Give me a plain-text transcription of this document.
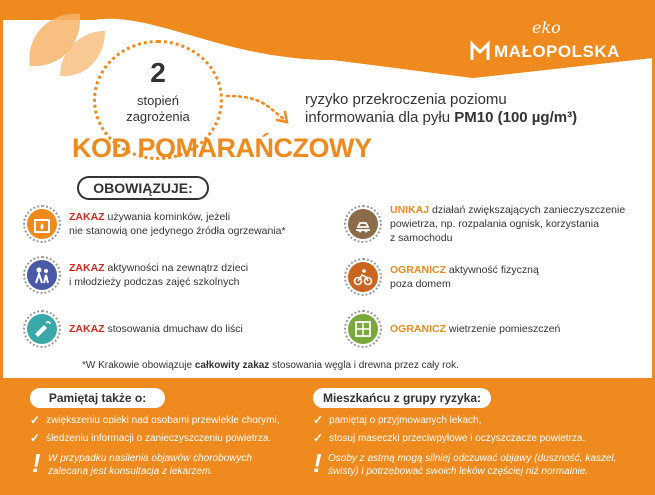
eko
MAŁOPOLSKA
2
stopień
zagrożenia
ryzyko przekroczenia poziomu
informowania dla pyłu PM10 (100 µg/m³)
KOD POMARAŃCZOWY
OBOWIĄZUJE:
ZAKAZ używania kominków, jeżeli
nie stanowią one jedynego źródła ogrzewania*
ZAKAZ aktywności na zewnątrz dzieci
i młodzieży podczas zajęć szkolnych
ZAKAZ stosowania dmuchaw do liści
UNIKAJ działań zwiększających zanieczyszczenie
powietrza, np. rozpalania ognisk, korzystania
z samochodu
OGRANICZ aktywność fizyczną
poza domem
OGRANICZ wietrzenie pomieszczeń
*W Krakowie obowiązuje całkowity zakaz stosowania węgla i drewna przez cały rok.
Pamiętaj także o:
✓ zwiększeniu opieki nad osobami przewlekle chorymi,
✓ śledzeniu informacji o zanieczyszczeniu powietrza.
! W przypadku nasilenia objawów chorobowych
zalecana jest konsultacja z lekarzem.
Mieszkańcu z grupy ryzyka:
✓ pamiętaj o przyjmowanych lekach,
✓ stosuj maseczki przeciwpyłowe i oczyszczacze powietrza.
! Osoby z astmą mogą silniej odczuwać objawy (duszność, kaszel,
świsty) i potrzebować swoich leków częściej niż normalnie.
